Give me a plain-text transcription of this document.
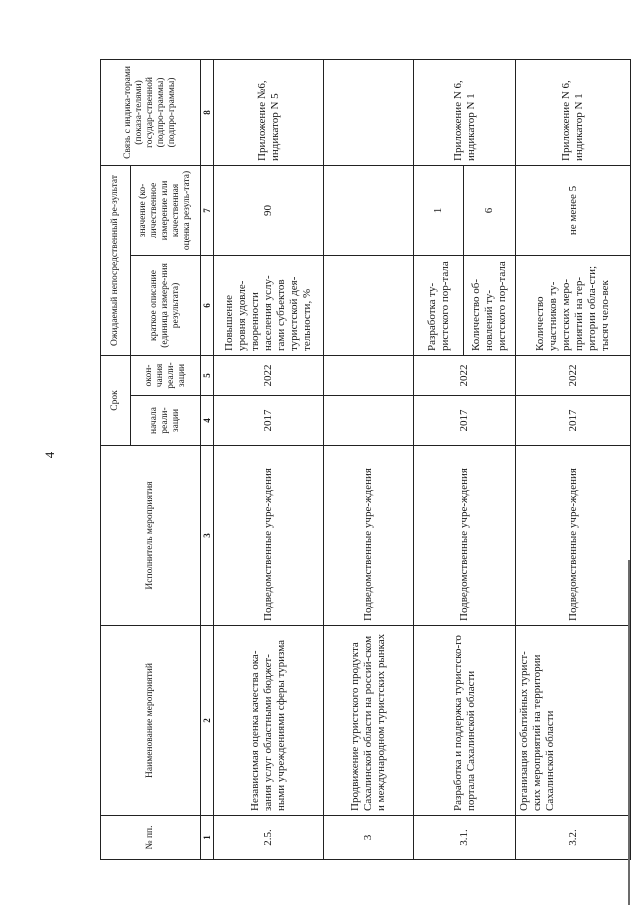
4
№ пп.	Наименование мероприятий	Исполнитель мероприятия	Срок		Ожидаемый непосредственный ре-зультат		Связь с индика-торами (показа-телями) государ-ственной (подпро-граммы) (подпро-граммы)
			начала реали-зации	окон-чания реали-зации	краткое описание (единица измере-ния результата)	значение (ко-личественное измерение или качественная оценка резуль-тата)	
1	2	3	4	5	6	7	8
2.5.	Независимая оценка качества ока-зания услуг областными бюджет-ными учреждениями сферы туризма	Подведомственные учре-ждения	2017	2022	Повышение уровня удовле-творенности населения услу-гами субъектов туристской дея-тельности, %	90	Приложение №6, индикатор N 5
3	Продвижение туристского продукта Сахалинской области на россий-ском и международном туристских рынках	Подведомственные учре-ждения					
3.1.	Разработка и поддержка туристско-го портала Сахалинской области	Подведомственные учре-ждения	2017	2022	Разработка ту-ристского пор-тала	1	Приложение N 6, индикатор N 1
					Количество об-новлений ту-ристского пор-тала	6	
3.2.	Организация событийных турист-ских мероприятий на территории Сахалинской области	Подведомственные учре-ждения	2017	2022	Количество участников ту-ристских меро-приятий на тер-ритории обла-сти; тысяч чело-век	не менее 5	Приложение N 6, индикатор N 1
